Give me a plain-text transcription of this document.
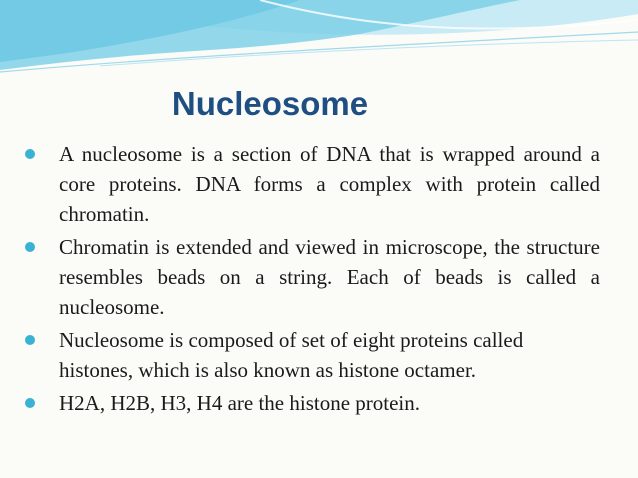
Nucleosome
A nucleosome is a section of DNA that is wrapped around a core proteins. DNA forms a complex with protein called chromatin.
Chromatin is extended and viewed in microscope, the structure resembles beads on a string. Each of beads is called a nucleosome.
Nucleosome is composed of set of eight proteins called histones, which is also known as histone octamer.
H2A, H2B, H3, H4 are the histone protein.
